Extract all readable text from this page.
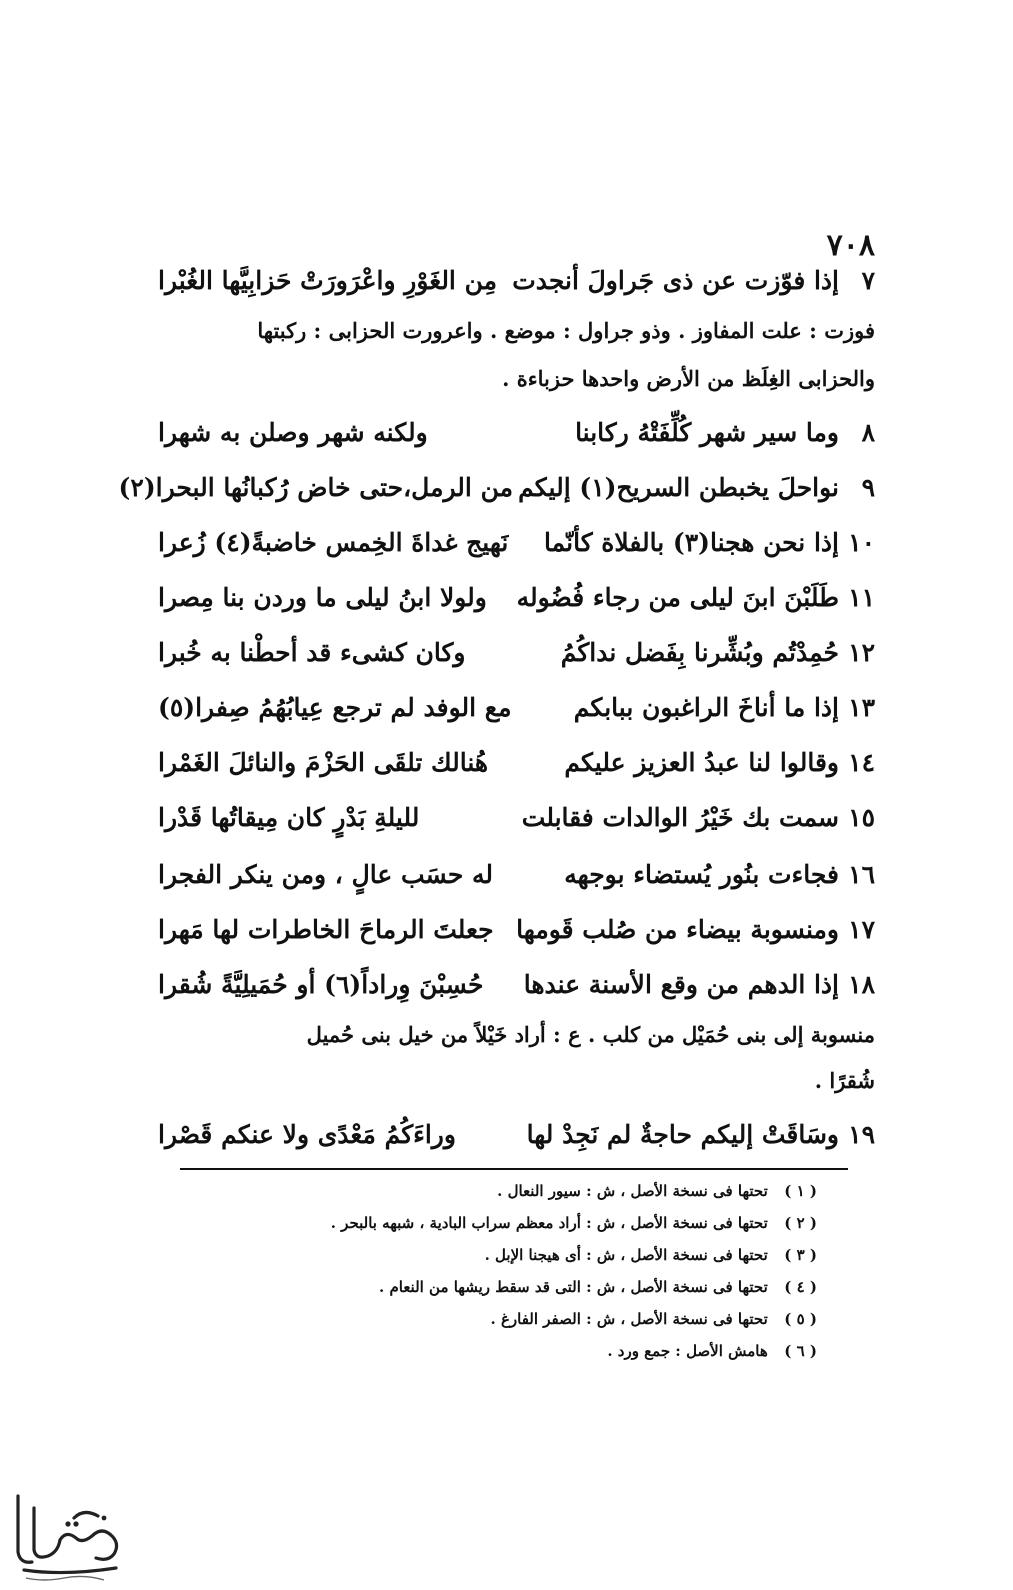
٧٠٨
٧
إذا فوّزت عن ذى جَراولَ أنجدت
مِن الغَوْرِ واعْرَورَتْ حَزابِيَّها الغُبْرا
فوزت : علت المفاوز . وذو جراول : موضع . واعرورت الحزابى : ركبتها
والحزابى الغِلَظ من الأرض واحدها حزباءة .
٨
وما سير شهر كُلِّفَتْهُ ركابنا
ولكنه شهر وصلن به شهرا
٩
نواحلَ يخبطن السريح(١) إليكم
من الرمل،حتى خاض رُكبانُها البحرا(٢)
١٠
إذا نحن هجنا(٣) بالفلاة كأنّما
نَهيج غداةَ الخِمس خاضبةً(٤) زُعرا
١١
طَلَبْنَ ابنَ ليلى من رجاء فُضُوله
ولولا ابنُ ليلى ما وردن بنا مِصرا
١٢
حُمِدْتُم وبُشِّرنا بِفَضل نداكُمُ
وكان كشىء قد أحطْنا به خُبرا
١٣
إذا ما أناخَ الراغبون ببابكم
مع الوفد لم ترجع عِيابُهُمُ صِفرا(٥)
١٤
وقالوا لنا عبدُ العزيز عليكم
هُنالك تلقَى الحَزْمَ والنائلَ الغَمْرا
١٥
سمت بك خَيْرُ الوالدات فقابلت
لليلةِ بَدْرٍ كان مِيقاتُها قَدْرا
١٦
فجاءت بنُور يُستضاء بوجهه
له حسَب عالٍ ، ومن ينكر الفجرا
١٧
ومنسوبة بيضاء من صُلب قَومها
جعلتَ الرماحَ الخاطرات لها مَهرا
١٨
إذا الدهم من وقع الأسنة عندها
حُسِبْنَ وِراداً(٦) أو حُمَيلِيَّةً شُقرا
منسوبة إلى بنى حُمَيْل من كلب . ع : أراد خَيْلاً من خيل بنى حُميل
شُقرًا .
١٩
وسَاقَتْ إليكم حاجةٌ لم نَجِدْ لها
وراءَكُمُ مَعْدًى ولا عنكم قَصْرا
( ١ ) تحتها فى نسخة الأصل ، ش : سيور النعال .
( ٢ ) تحتها فى نسخة الأصل ، ش : أراد معظم سراب البادية ، شبهه بالبحر .
( ٣ ) تحتها فى نسخة الأصل ، ش : أى هيجنا الإبل .
( ٤ ) تحتها فى نسخة الأصل ، ش : التى قد سقط ريشها من النعام .
( ٥ ) تحتها فى نسخة الأصل ، ش : الصفر الفارغ .
( ٦ ) هامش الأصل : جمع ورد .
